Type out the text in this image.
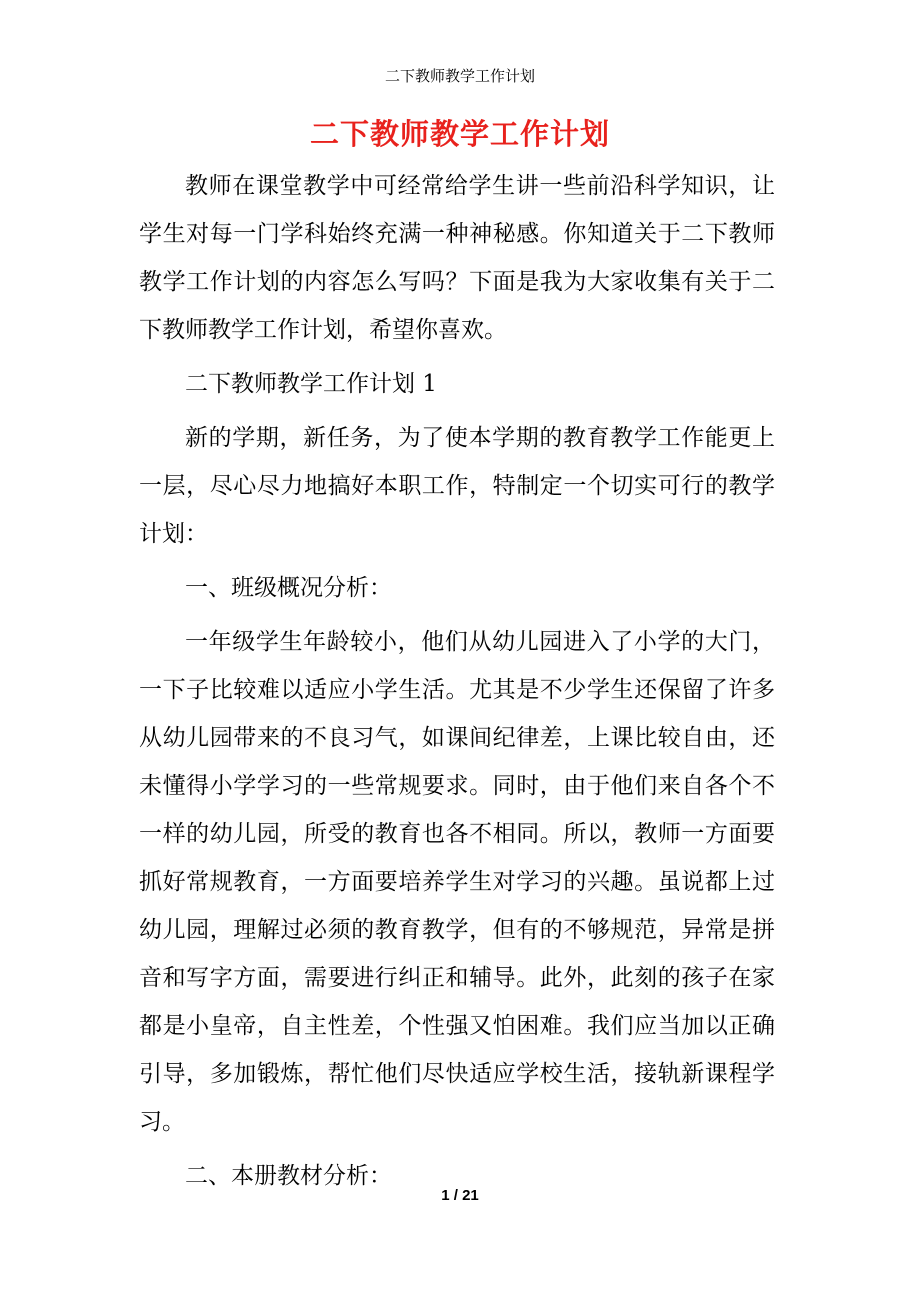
二下教师教学工作计划
二下教师教学工作计划

教师在课堂教学中可经常给学生讲一些前沿科学知识，让学生对每一门学科始终充满一种神秘感。你知道关于二下教师教学工作计划的内容怎么写吗？下面是我为大家收集有关于二下教师教学工作计划，希望你喜欢。

二下教师教学工作计划 1

新的学期，新任务，为了使本学期的教育教学工作能更上一层，尽心尽力地搞好本职工作，特制定一个切实可行的教学计划：

一、班级概况分析：

一年级学生年龄较小，他们从幼儿园进入了小学的大门，一下子比较难以适应小学生活。尤其是不少学生还保留了许多从幼儿园带来的不良习气，如课间纪律差，上课比较自由，还未懂得小学学习的一些常规要求。同时，由于他们来自各个不一样的幼儿园，所受的教育也各不相同。所以，教师一方面要抓好常规教育，一方面要培养学生对学习的兴趣。虽说都上过幼儿园，理解过必须的教育教学，但有的不够规范，异常是拼音和写字方面，需要进行纠正和辅导。此外，此刻的孩子在家都是小皇帝，自主性差，个性强又怕困难。我们应当加以正确引导，多加锻炼，帮忙他们尽快适应学校生活，接轨新课程学习。

二、本册教材分析：

1 / 21
